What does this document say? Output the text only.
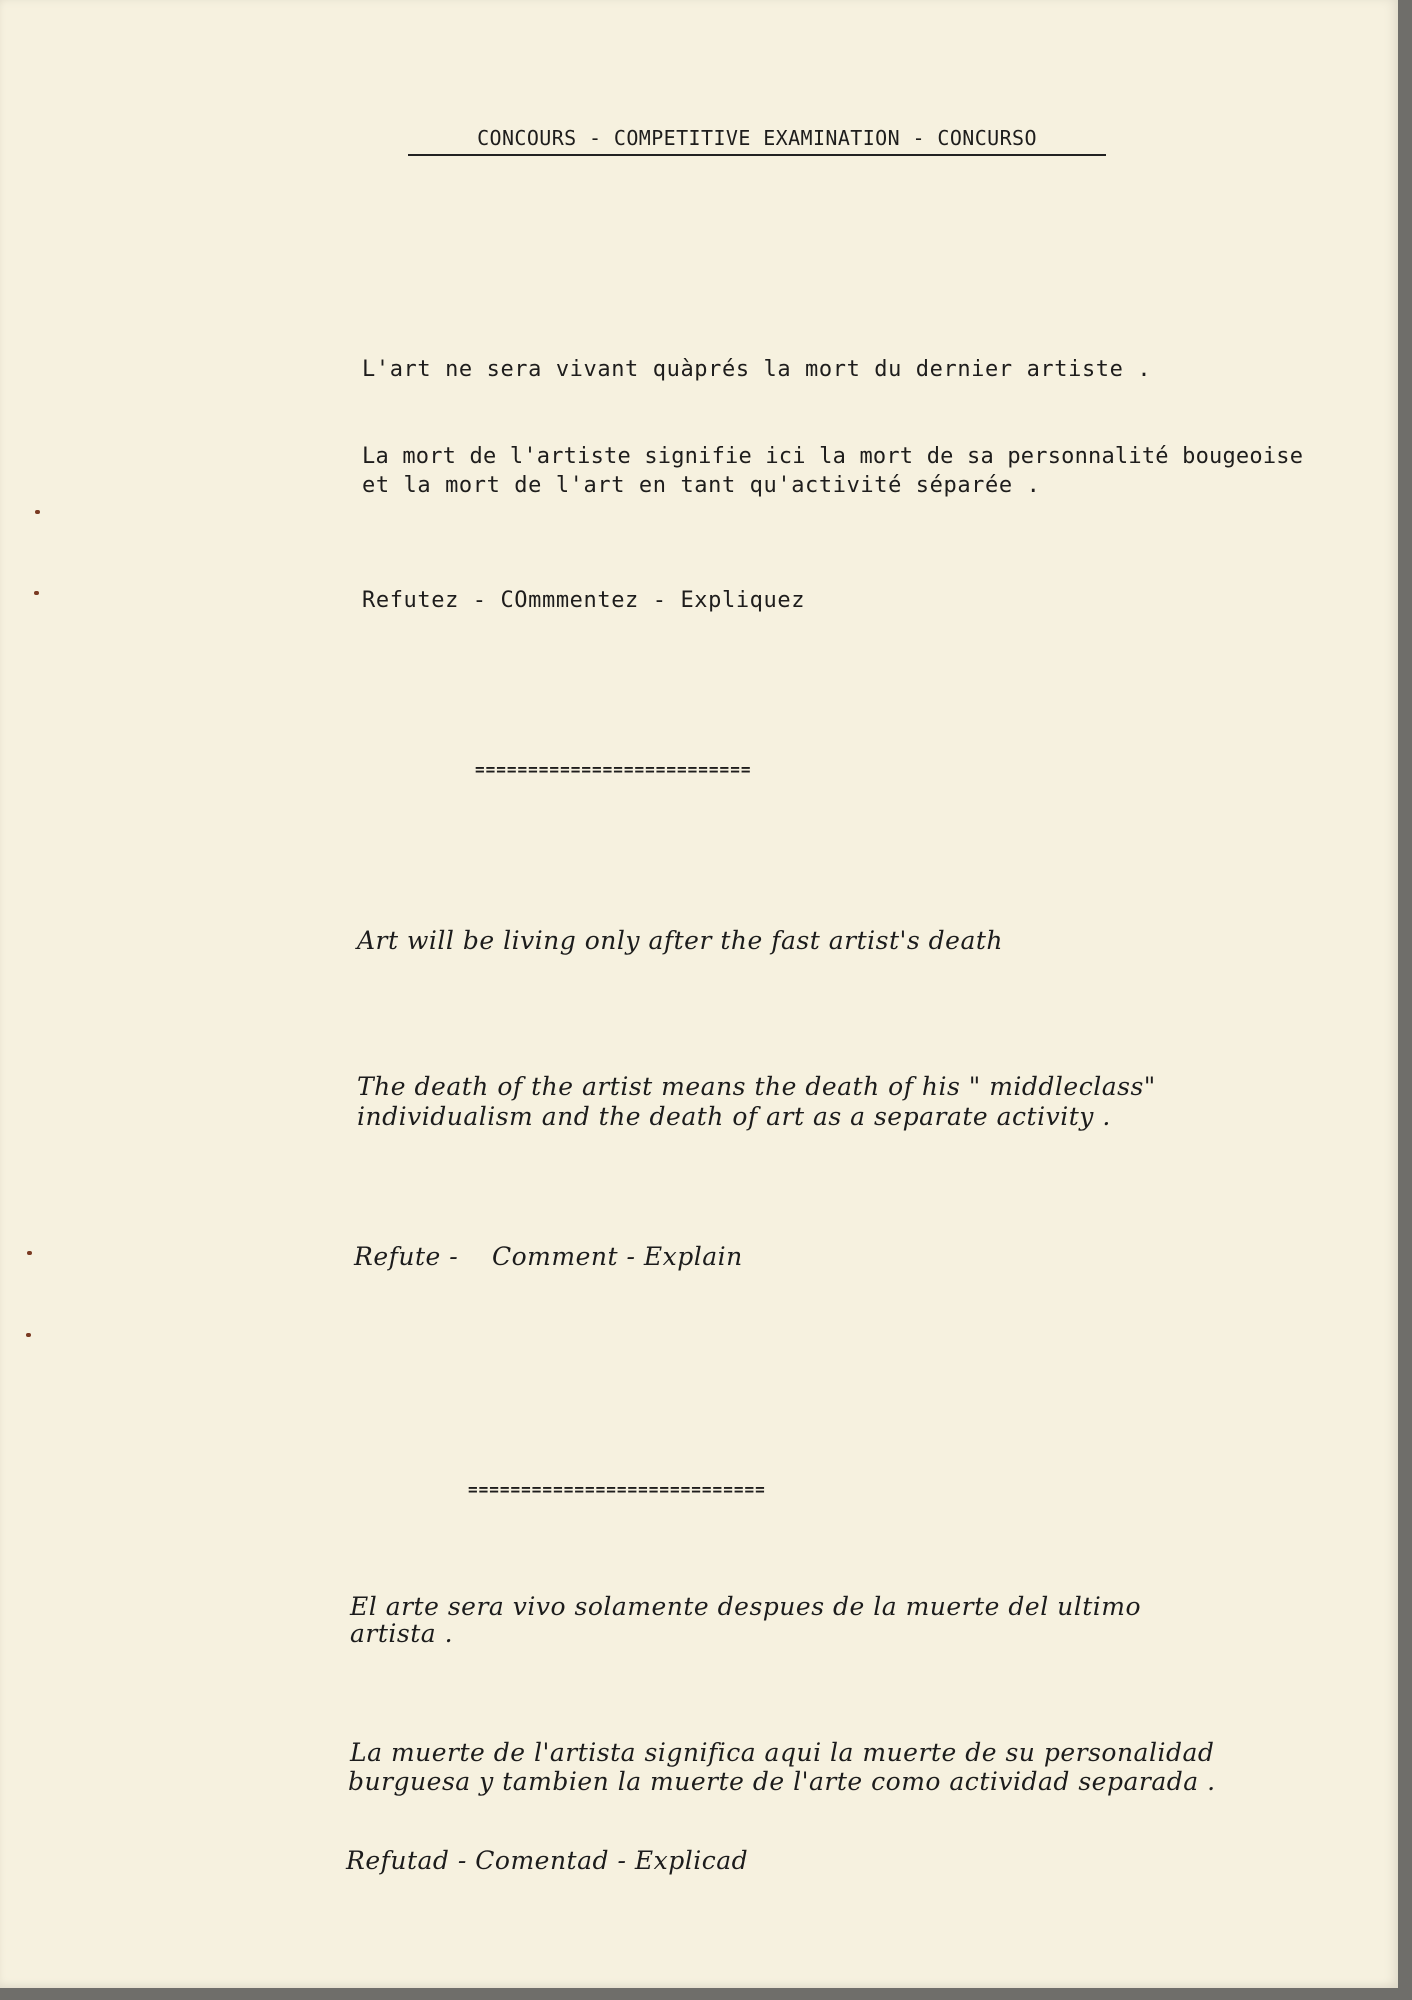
CONCOURS - COMPETITIVE EXAMINATION - CONCURSO

L'art ne sera vivant quàprés la mort du dernier artiste .

La mort de l'artiste signifie ici la mort de sa personnalité bougeoise

et la mort de l'art en tant qu'activité séparée .

Refutez - COmmmentez - Expliquez

==========================

Art will be living only after the fast artist's death

The death of the artist means the death of his " middleclass"

individualism and the death of art as a separate activity .

Refute -    Comment - Explain

============================

El arte sera vivo solamente despues de la muerte del ultimo

artista .

La muerte de l'artista significa aqui la muerte de su personalidad

burguesa y tambien la muerte de l'arte como actividad separada .

Refutad - Comentad - Explicad
